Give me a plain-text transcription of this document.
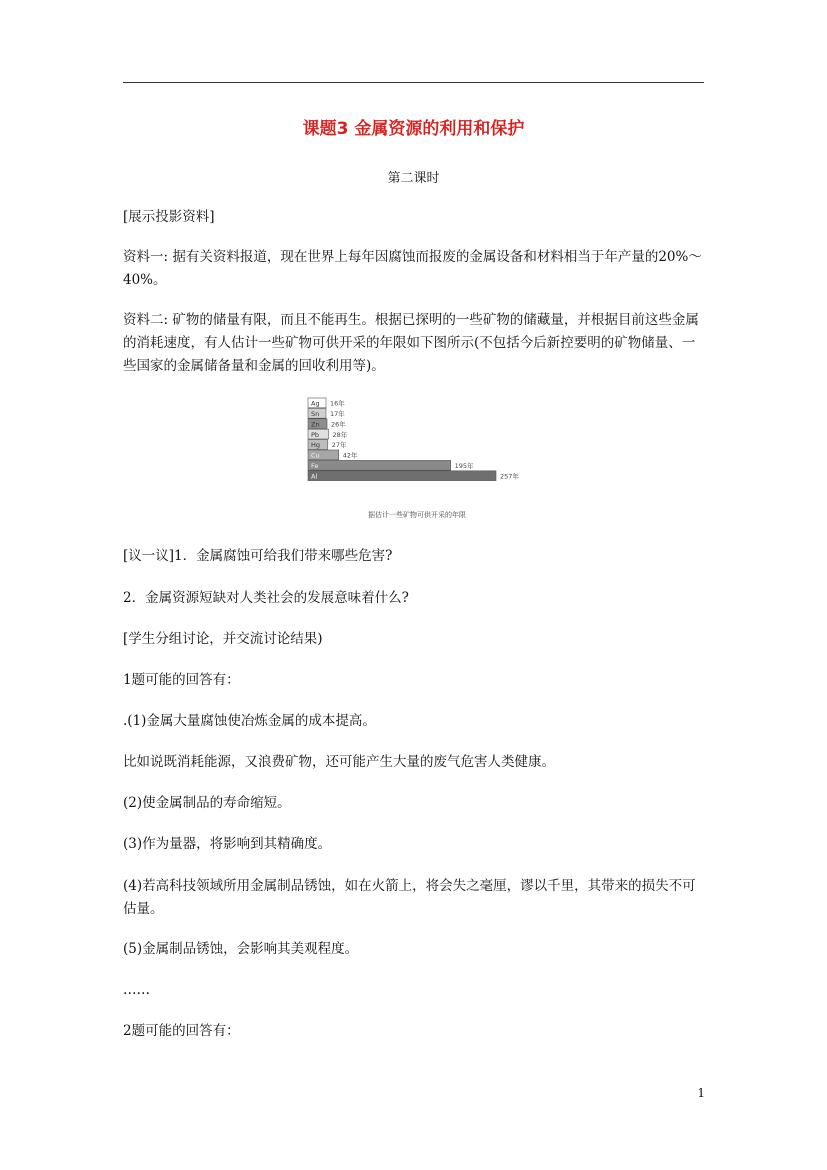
课题3 金属资源的利用和保护
第二课时

[展示投影资料]

资料一: 据有关资料报道，现在世界上每年因腐蚀而报废的金属设备和材料相当于年产量的20%～40%。

资料二: 矿物的储量有限，而且不能再生。根据已探明的一些矿物的储藏量，并根据目前这些金属的消耗速度，有人估计一些矿物可供开采的年限如下图所示(不包括今后新控要明的矿物储量、一些国家的金属储备量和金属的回收利用等)。

Ag 16年
Sn 17年
Zn 26年
Pb 28年
Hg 27年
Cu	42年
Fe	195年
Al	257年
据估计一些矿物可供开采的年限

[议一议]1．金属腐蚀可给我们带来哪些危害?

2．金属资源短缺对人类社会的发展意味着什么?

[学生分组讨论，并交流讨论结果)

1题可能的回答有：

.(1)金属大量腐蚀使冶炼金属的成本提高。

比如说既消耗能源，又浪费矿物，还可能产生大量的废气危害人类健康。

(2)使金属制品的寿命缩短。

(3)作为量器，将影响到其精确度。

(4)若高科技领域所用金属制品锈蚀，如在火箭上，将会失之毫厘，谬以千里，其带来的损失不可估量。

(5)金属制品锈蚀，会影响其美观程度。

……

2题可能的回答有：

1
